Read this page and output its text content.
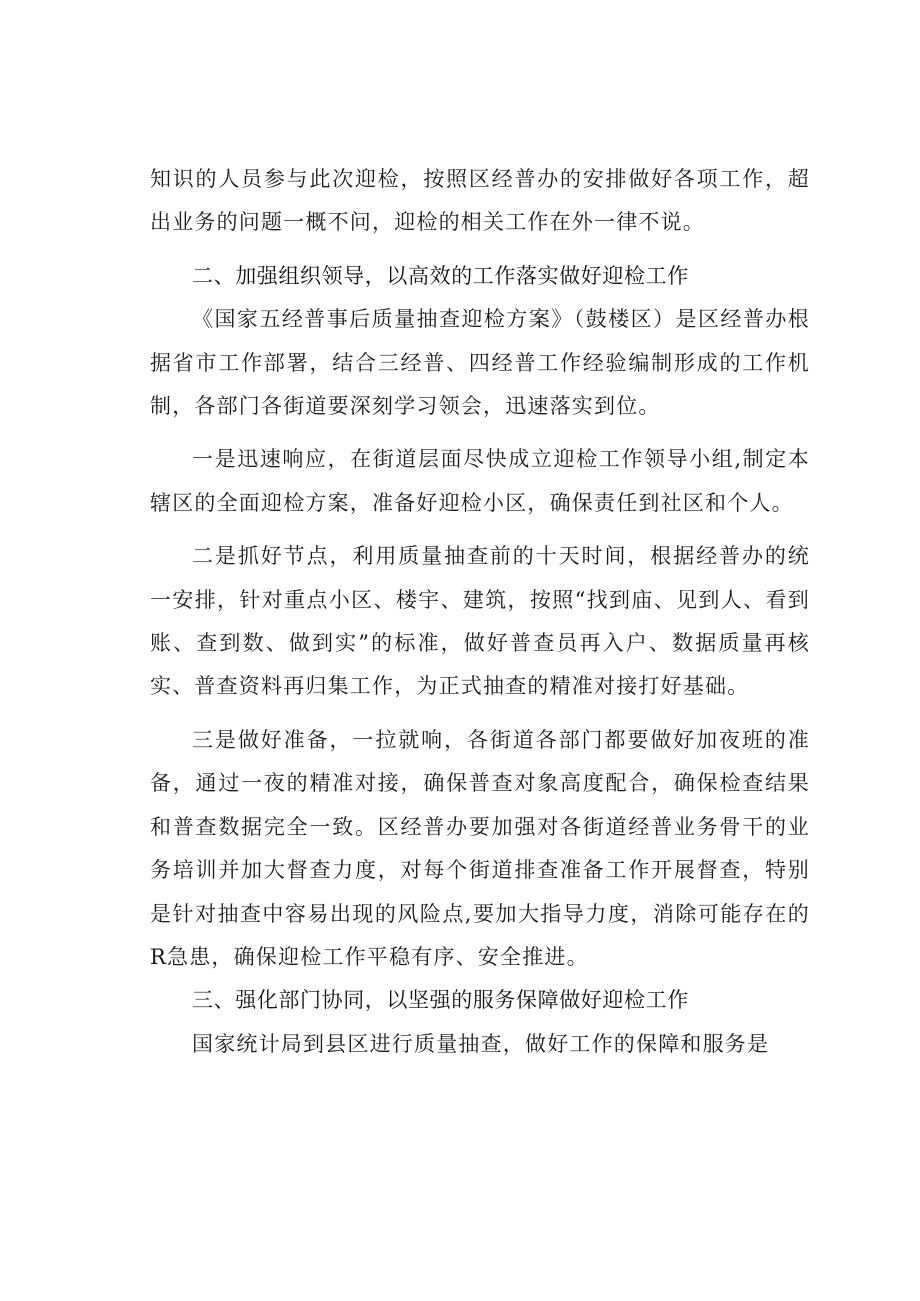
知识的人员参与此次迎检，按照区经普办的安排做好各项工作，超出业务的问题一概不问，迎检的相关工作在外一律不说。

二、加强组织领导，以高效的工作落实做好迎检工作

《国家五经普事后质量抽查迎检方案》（鼓楼区）是区经普办根据省市工作部署，结合三经普、四经普工作经验编制形成的工作机制，各部门各街道要深刻学习领会，迅速落实到位。

一是迅速响应，在街道层面尽快成立迎检工作领导小组,制定本辖区的全面迎检方案，准备好迎检小区，确保责任到社区和个人。

二是抓好节点，利用质量抽查前的十天时间，根据经普办的统一安排，针对重点小区、楼宇、建筑，按照“找到庙、见到人、看到账、查到数、做到实”的标准，做好普查员再入户、数据质量再核实、普查资料再归集工作，为正式抽查的精准对接打好基础。

三是做好准备，一拉就响，各街道各部门都要做好加夜班的准备，通过一夜的精准对接，确保普查对象高度配合，确保检查结果和普查数据完全一致。区经普办要加强对各街道经普业务骨干的业务培训并加大督查力度，对每个街道排查准备工作开展督查，特别是针对抽查中容易出现的风险点,要加大指导力度，消除可能存在的R急患，确保迎检工作平稳有序、安全推进。

三、强化部门协同，以坚强的服务保障做好迎检工作

国家统计局到县区进行质量抽查，做好工作的保障和服务是
